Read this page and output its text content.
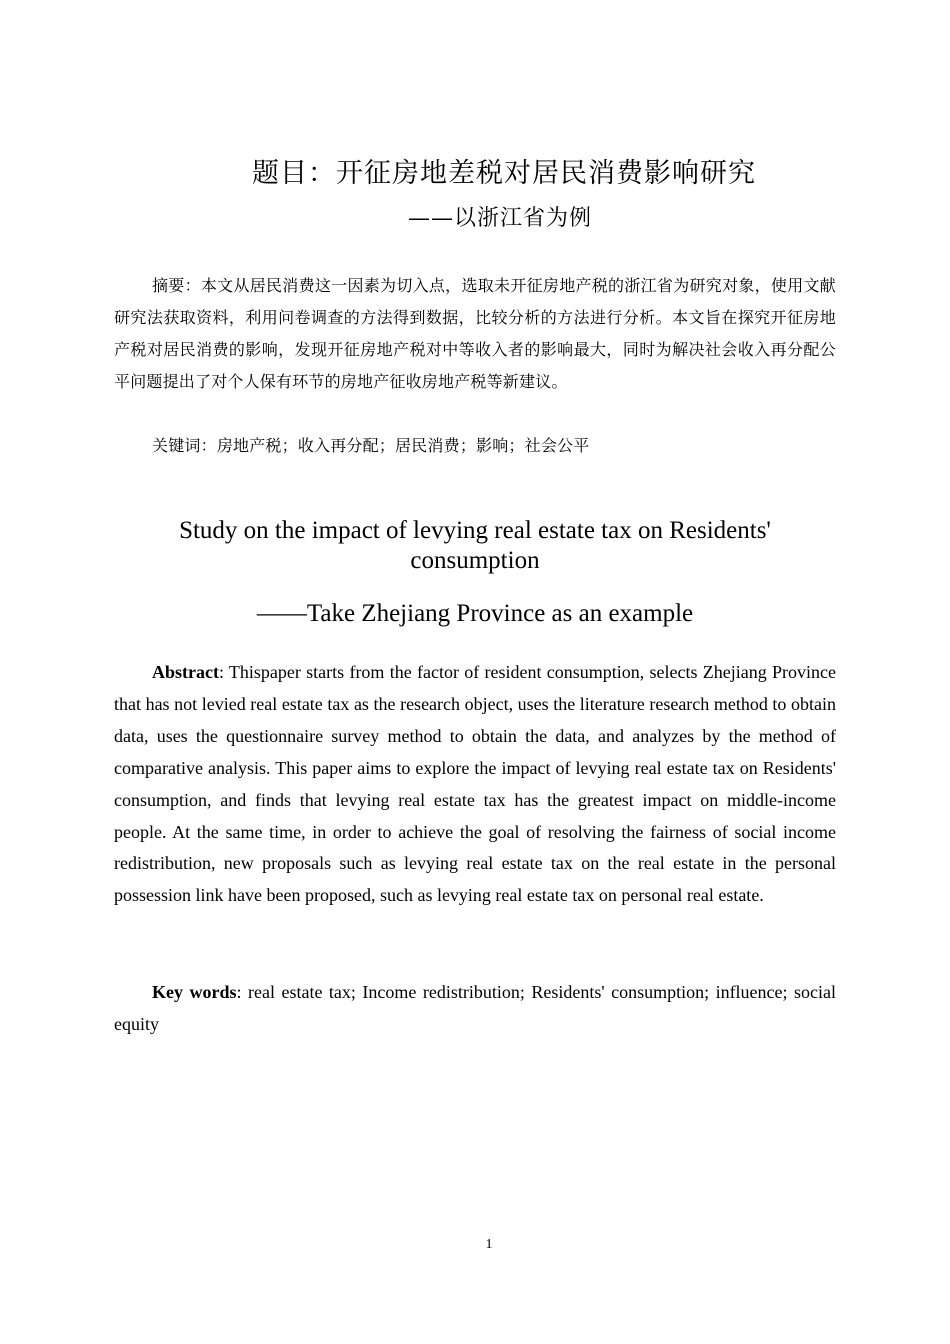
题目：开征房地差税对居民消费影响研究
——以浙江省为例
摘要：本文从居民消费这一因素为切入点，选取未开征房地产税的浙江省为研究对象，使用文献研究法获取资料，利用问卷调查的方法得到数据，比较分析的方法进行分析。本文旨在探究开征房地产税对居民消费的影响，发现开征房地产税对中等收入者的影响最大，同时为解决社会收入再分配公平问题提出了对个人保有环节的房地产征收房地产税等新建议。
关键词：房地产税；收入再分配；居民消费；影响；社会公平
Study on the impact of levying real estate tax on Residents' consumption
——Take Zhejiang Province as an example
Abstract: Thispaper starts from the factor of resident consumption, selects Zhejiang Province that has not levied real estate tax as the research object, uses the literature research method to obtain data, uses the questionnaire survey method to obtain the data, and analyzes by the method of comparative analysis. This paper aims to explore the impact of levying real estate tax on Residents' consumption, and finds that levying real estate tax has the greatest impact on middle-income people. At the same time, in order to achieve the goal of resolving the fairness of social income redistribution, new proposals such as levying real estate tax on the real estate in the personal possession link have been proposed, such as levying real estate tax on personal real estate.
Key words: real estate tax; Income redistribution; Residents' consumption; influence; social equity
1
